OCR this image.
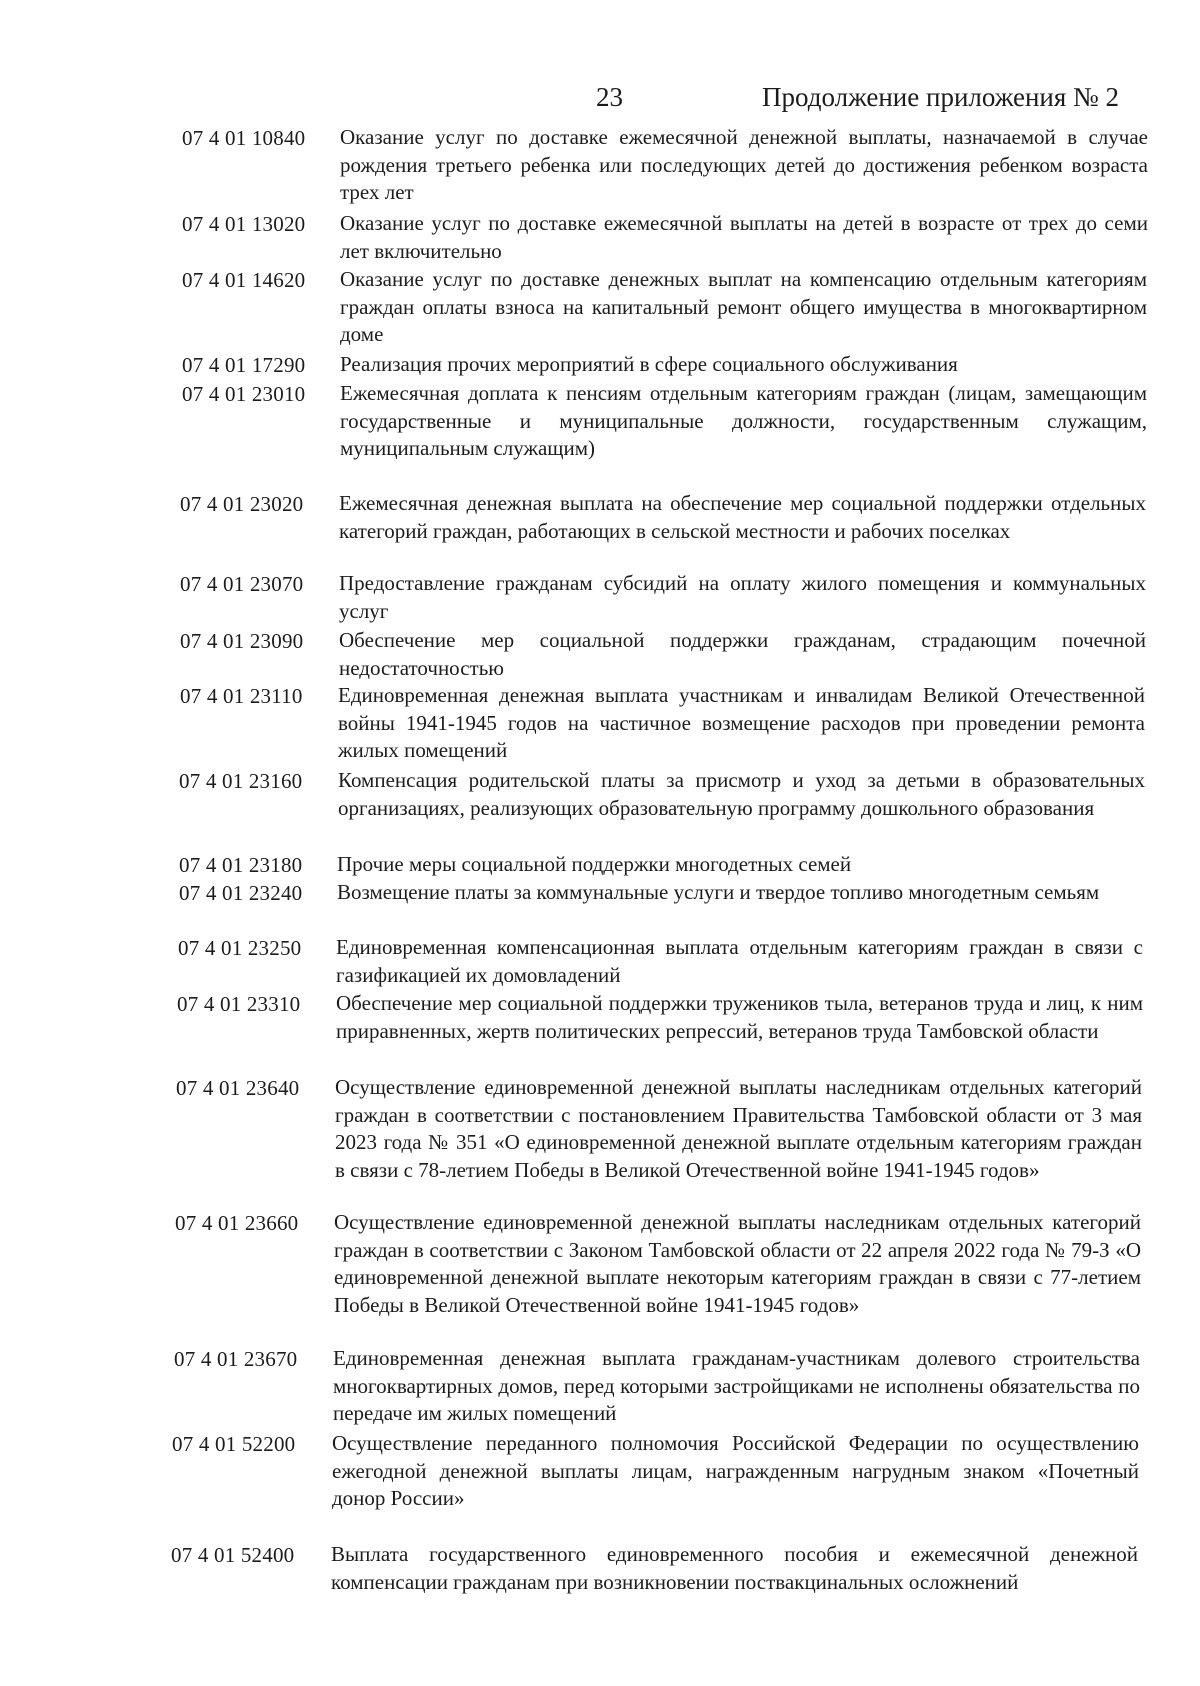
23	Продолжение приложения № 2
07 4 01 10840 Оказание услуг по доставке ежемесячной денежной выплаты, назначаемой в случае рождения третьего ребенка или последующих детей до достижения ребенком возраста трех лет
07 4 01 13020 Оказание услуг по доставке ежемесячной выплаты на детей в возрасте от трех до семи лет включительно
07 4 01 14620 Оказание услуг по доставке денежных выплат на компенсацию отдельным категориям граждан оплаты взноса на капитальный ремонт общего имущества в многоквартирном доме
07 4 01 17290 Реализация прочих мероприятий в сфере социального обслуживания
07 4 01 23010 Ежемесячная доплата к пенсиям отдельным категориям граждан (лицам, замещающим государственные и муниципальные должности, государственным служащим, муниципальным служащим)
07 4 01 23020 Ежемесячная денежная выплата на обеспечение мер социальной поддержки отдельных категорий граждан, работающих в сельской местности и рабочих поселках
07 4 01 23070 Предоставление гражданам субсидий на оплату жилого помещения и коммунальных услуг
07 4 01 23090 Обеспечение мер социальной поддержки гражданам, страдающим почечной недостаточностью
07 4 01 23110 Единовременная денежная выплата участникам и инвалидам Великой Отечественной войны 1941-1945 годов на частичное возмещение расходов при проведении ремонта жилых помещений
07 4 01 23160 Компенсация родительской платы за присмотр и уход за детьми в образовательных организациях, реализующих образовательную программу дошкольного образования
07 4 01 23180 Прочие меры социальной поддержки многодетных семей
07 4 01 23240 Возмещение платы за коммунальные услуги и твердое топливо многодетным семьям
07 4 01 23250 Единовременная компенсационная выплата отдельным категориям граждан в связи с газификацией их домовладений
07 4 01 23310 Обеспечение мер социальной поддержки тружеников тыла, ветеранов труда и лиц, к ним приравненных, жертв политических репрессий, ветеранов труда Тамбовской области
07 4 01 23640 Осуществление единовременной денежной выплаты наследникам отдельных категорий граждан в соответствии с постановлением Правительства Тамбовской области от 3 мая 2023 года № 351 «О единовременной денежной выплате отдельным категориям граждан в связи с 78-летием Победы в Великой Отечественной войне 1941-1945 годов»
07 4 01 23660 Осуществление единовременной денежной выплаты наследникам отдельных категорий граждан в соответствии с Законом Тамбовской области от 22 апреля 2022 года № 79-З «О единовременной денежной выплате некоторым категориям граждан в связи с 77-летием Победы в Великой Отечественной войне 1941-1945 годов»
07 4 01 23670 Единовременная денежная выплата гражданам-участникам долевого строительства многоквартирных домов, перед которыми застройщиками не исполнены обязательства по передаче им жилых помещений
07 4 01 52200 Осуществление переданного полномочия Российской Федерации по осуществлению ежегодной денежной выплаты лицам, награжденным нагрудным знаком «Почетный донор России»
07 4 01 52400 Выплата государственного единовременного пособия и ежемесячной денежной компенсации гражданам при возникновении поствакцинальных осложнений
